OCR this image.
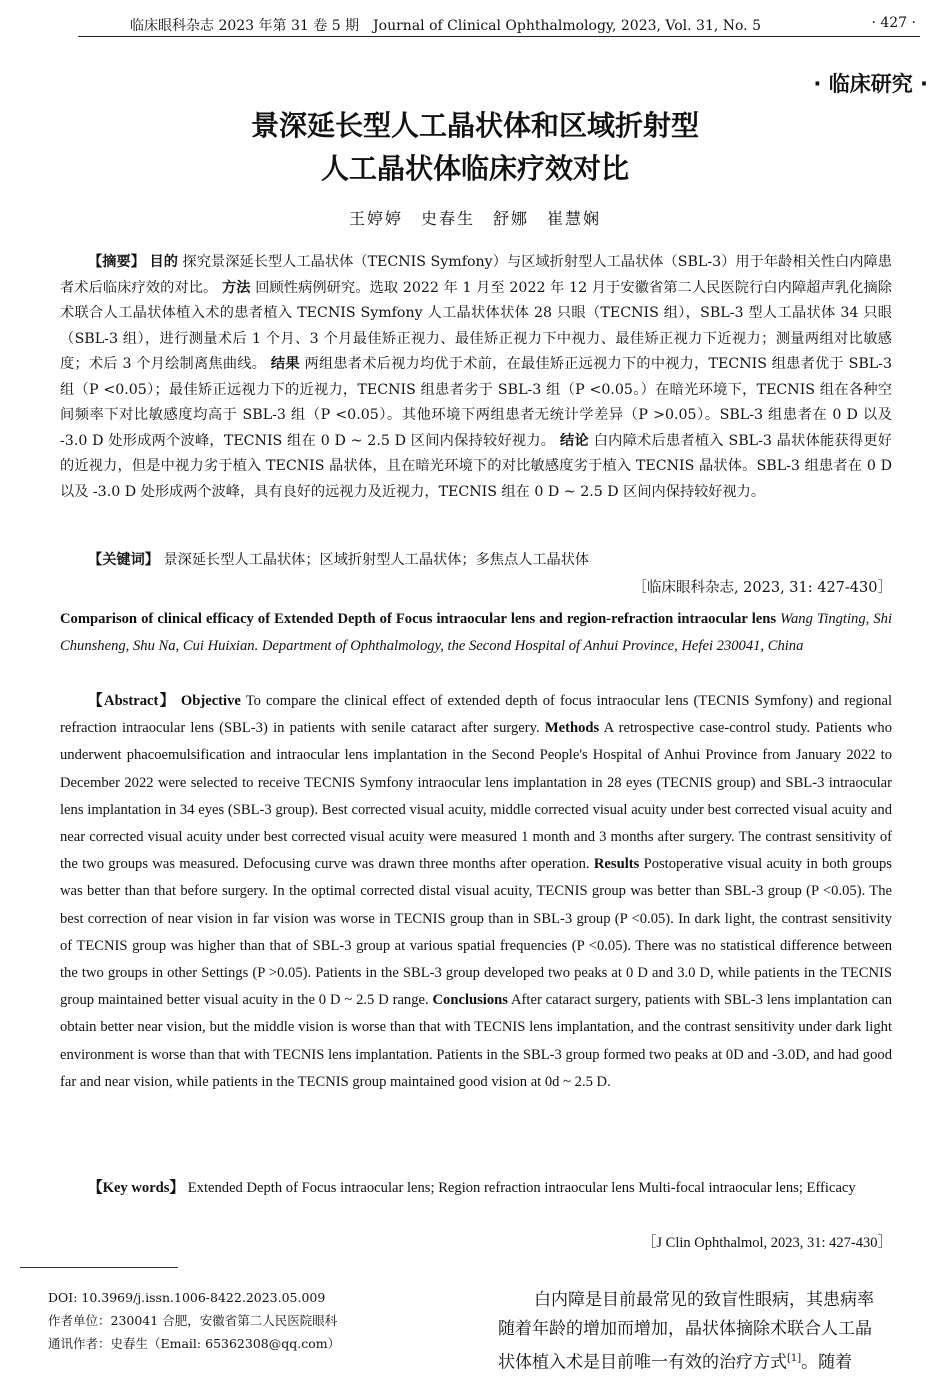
临床眼科杂志 2023 年第 31 卷 5 期　Journal of Clinical Ophthalmology, 2023, Vol. 31, No. 5	· 427 ·
· 临床研究 ·
景深延长型人工晶状体和区域折射型
人工晶状体临床疗效对比
王婷婷　史春生　舒娜　崔慧娴
【摘要】 目的 探究景深延长型人工晶状体（TECNIS Symfony）与区域折射型人工晶状体（SBL-3）用于年龄相关性白内障患者术后临床疗效的对比。 方法 回顾性病例研究。选取 2022 年 1 月至 2022 年 12 月于安徽省第二人民医院行白内障超声乳化摘除术联合人工晶状体植入术的患者植入 TECNIS Symfony 人工晶状体状体 28 只眼（TECNIS 组），SBL-3 型人工晶状体 34 只眼（SBL-3 组），进行测量术后 1 个月、3 个月最佳矫正视力、最佳矫正视力下中视力、最佳矫正视力下近视力；测量两组对比敏感度；术后 3 个月绘制离焦曲线。 结果 两组患者术后视力均优于术前，在最佳矫正远视力下的中视力，TECNIS 组患者优于 SBL-3 组（P <0.05）；最佳矫正远视力下的近视力，TECNIS 组患者劣于 SBL-3 组（P <0.05。）在暗光环境下，TECNIS 组在各种空间频率下对比敏感度均高于 SBL-3 组（P <0.05）。其他环境下两组患者无统计学差异（P >0.05）。SBL-3 组患者在 0 D 以及 -3.0 D 处形成两个波峰，TECNIS 组在 0 D ~ 2.5 D 区间内保持较好视力。 结论 白内障术后患者植入 SBL-3 晶状体能获得更好的近视力，但是中视力劣于植入 TECNIS 晶状体，且在暗光环境下的对比敏感度劣于植入 TECNIS 晶状体。SBL-3 组患者在 0 D 以及 -3.0 D 处形成两个波峰，具有良好的远视力及近视力，TECNIS 组在 0 D ~ 2.5 D 区间内保持较好视力。
【关键词】 景深延长型人工晶状体；区域折射型人工晶状体；多焦点人工晶状体
［临床眼科杂志, 2023, 31: 427-430］
Comparison of clinical efficacy of Extended Depth of Focus intraocular lens and region-refraction intraocular lens Wang Tingting, Shi Chunsheng, Shu Na, Cui Huixian. Department of Ophthalmology, the Second Hospital of Anhui Province, Hefei 230041, China
【Abstract】 Objective To compare the clinical effect of extended depth of focus intraocular lens (TECNIS Symfony) and regional refraction intraocular lens (SBL-3) in patients with senile cataract after surgery. Methods A retrospective case-control study. Patients who underwent phacoemulsification and intraocular lens implantation in the Second People's Hospital of Anhui Province from January 2022 to December 2022 were selected to receive TECNIS Symfony intraocular lens implantation in 28 eyes (TECNIS group) and SBL-3 intraocular lens implantation in 34 eyes (SBL-3 group). Best corrected visual acuity, middle corrected visual acuity under best corrected visual acuity and near corrected visual acuity under best corrected visual acuity were measured 1 month and 3 months after surgery. The contrast sensitivity of the two groups was measured. Defocusing curve was drawn three months after operation. Results Postoperative visual acuity in both groups was better than that before surgery. In the optimal corrected distal visual acuity, TECNIS group was better than SBL-3 group (P <0.05). The best correction of near vision in far vision was worse in TECNIS group than in SBL-3 group (P <0.05). In dark light, the contrast sensitivity of TECNIS group was higher than that of SBL-3 group at various spatial frequencies (P <0.05). There was no statistical difference between the two groups in other Settings (P >0.05). Patients in the SBL-3 group developed two peaks at 0 D and 3.0 D, while patients in the TECNIS group maintained better visual acuity in the 0 D ~ 2.5 D range. Conclusions After cataract surgery, patients with SBL-3 lens implantation can obtain better near vision, but the middle vision is worse than that with TECNIS lens implantation, and the contrast sensitivity under dark light environment is worse than that with TECNIS lens implantation. Patients in the SBL-3 group formed two peaks at 0D and -3.0D, and had good far and near vision, while patients in the TECNIS group maintained good vision at 0d ~ 2.5 D.
【Key words】 Extended Depth of Focus intraocular lens; Region refraction intraocular lens Multi-focal intraocular lens; Efficacy
［J Clin Ophthalmol, 2023, 31: 427-430］
DOI: 10.3969/j.issn.1006-8422.2023.05.009
作者单位：230041 合肥，安徽省第二人民医院眼科
通讯作者：史春生（Email: 65362308@qq.com）
白内障是目前最常见的致盲性眼病，其患病率
随着年龄的增加而增加，晶状体摘除术联合人工晶
状体植入术是目前唯一有效的治疗方式[1]。随着
